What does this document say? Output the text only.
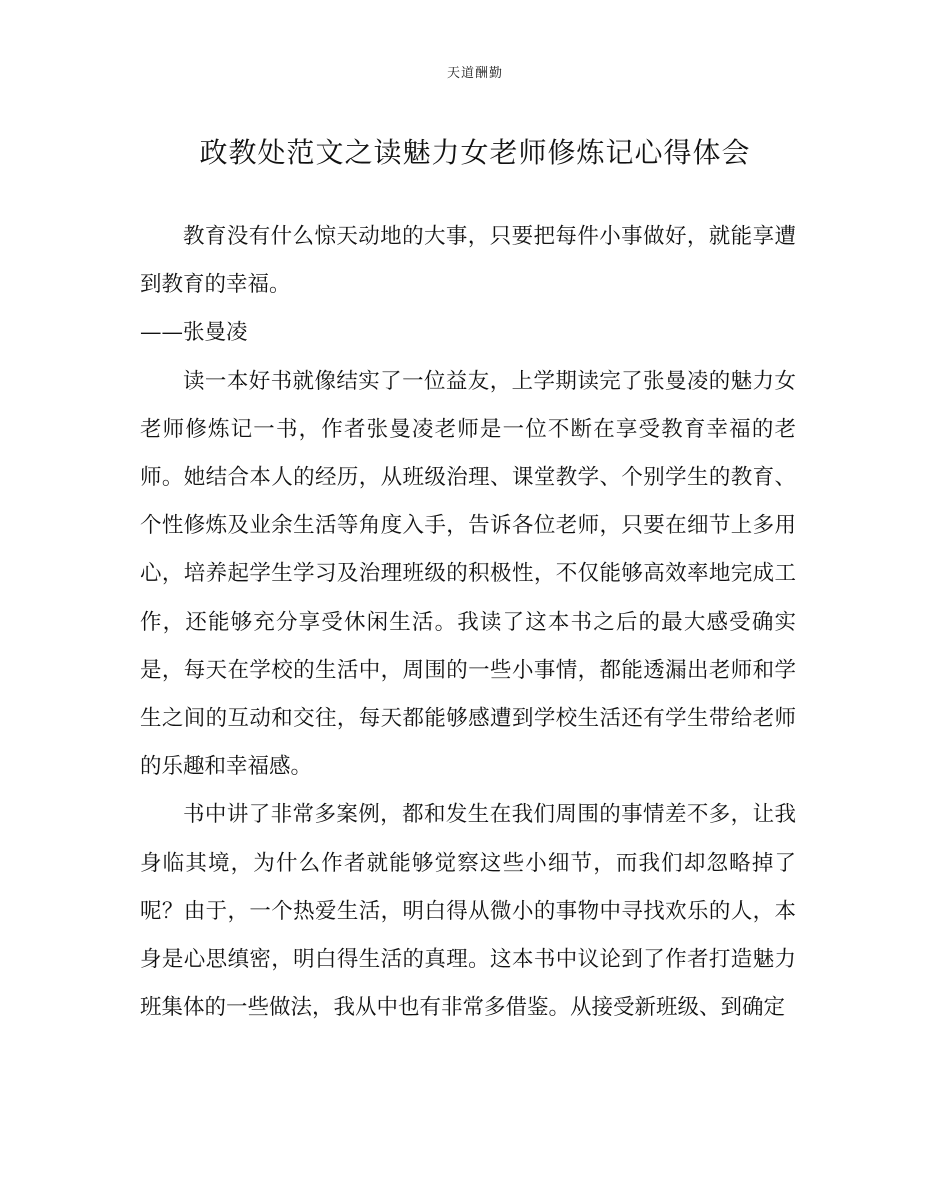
天道酬勤
政教处范文之读魅力女老师修炼记心得体会

教育没有什么惊天动地的大事，只要把每件小事做好，就能享遭到教育的幸福。

——张曼凌

读一本好书就像结实了一位益友，上学期读完了张曼凌的魅力女老师修炼记一书，作者张曼凌老师是一位不断在享受教育幸福的老师。她结合本人的经历，从班级治理、课堂教学、个别学生的教育、个性修炼及业余生活等角度入手，告诉各位老师，只要在细节上多用心，培养起学生学习及治理班级的积极性，不仅能够高效率地完成工作，还能够充分享受休闲生活。我读了这本书之后的最大感受确实是，每天在学校的生活中，周围的一些小事情，都能透漏出老师和学生之间的互动和交往，每天都能够感遭到学校生活还有学生带给老师的乐趣和幸福感。

书中讲了非常多案例，都和发生在我们周围的事情差不多，让我身临其境，为什么作者就能够觉察这些小细节，而我们却忽略掉了呢？由于，一个热爱生活，明白得从微小的事物中寻找欢乐的人，本身是心思缜密，明白得生活的真理。这本书中议论到了作者打造魅力班集体的一些做法，我从中也有非常多借鉴。从接受新班级、到确定
